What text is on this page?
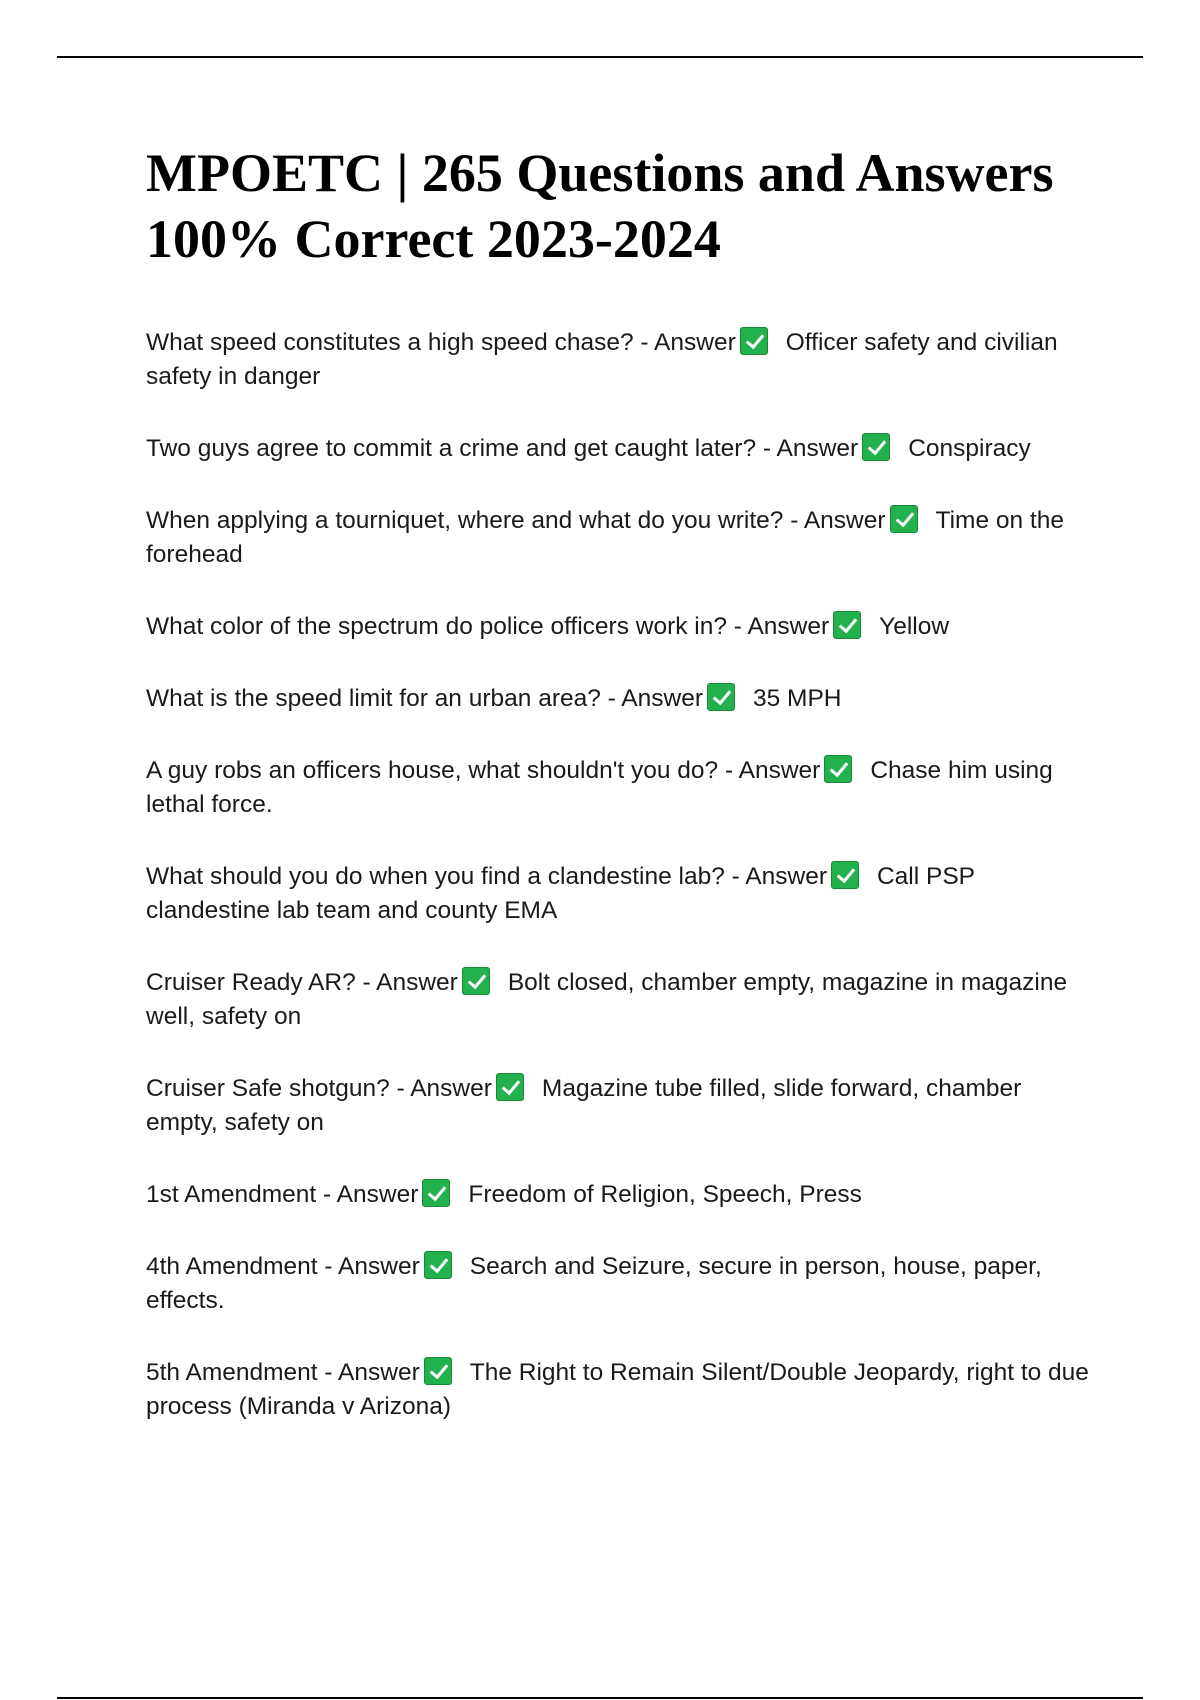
MPOETC | 265 Questions and Answers 100% Correct 2023-2024
What speed constitutes a high speed chase? - Answer Officer safety and civilian safety in danger
Two guys agree to commit a crime and get caught later? - Answer Conspiracy
When applying a tourniquet, where and what do you write? - Answer Time on the forehead
What color of the spectrum do police officers work in? - Answer Yellow
What is the speed limit for an urban area? - Answer 35 MPH
A guy robs an officers house, what shouldn't you do? - Answer Chase him using lethal force.
What should you do when you find a clandestine lab? - Answer Call PSP clandestine lab team and county EMA
Cruiser Ready AR? - Answer Bolt closed, chamber empty, magazine in magazine well, safety on
Cruiser Safe shotgun? - Answer Magazine tube filled, slide forward, chamber empty, safety on
1st Amendment - Answer Freedom of Religion, Speech, Press
4th Amendment - Answer Search and Seizure, secure in person, house, paper, effects.
5th Amendment - Answer The Right to Remain Silent/Double Jeopardy, right to due process (Miranda v Arizona)
